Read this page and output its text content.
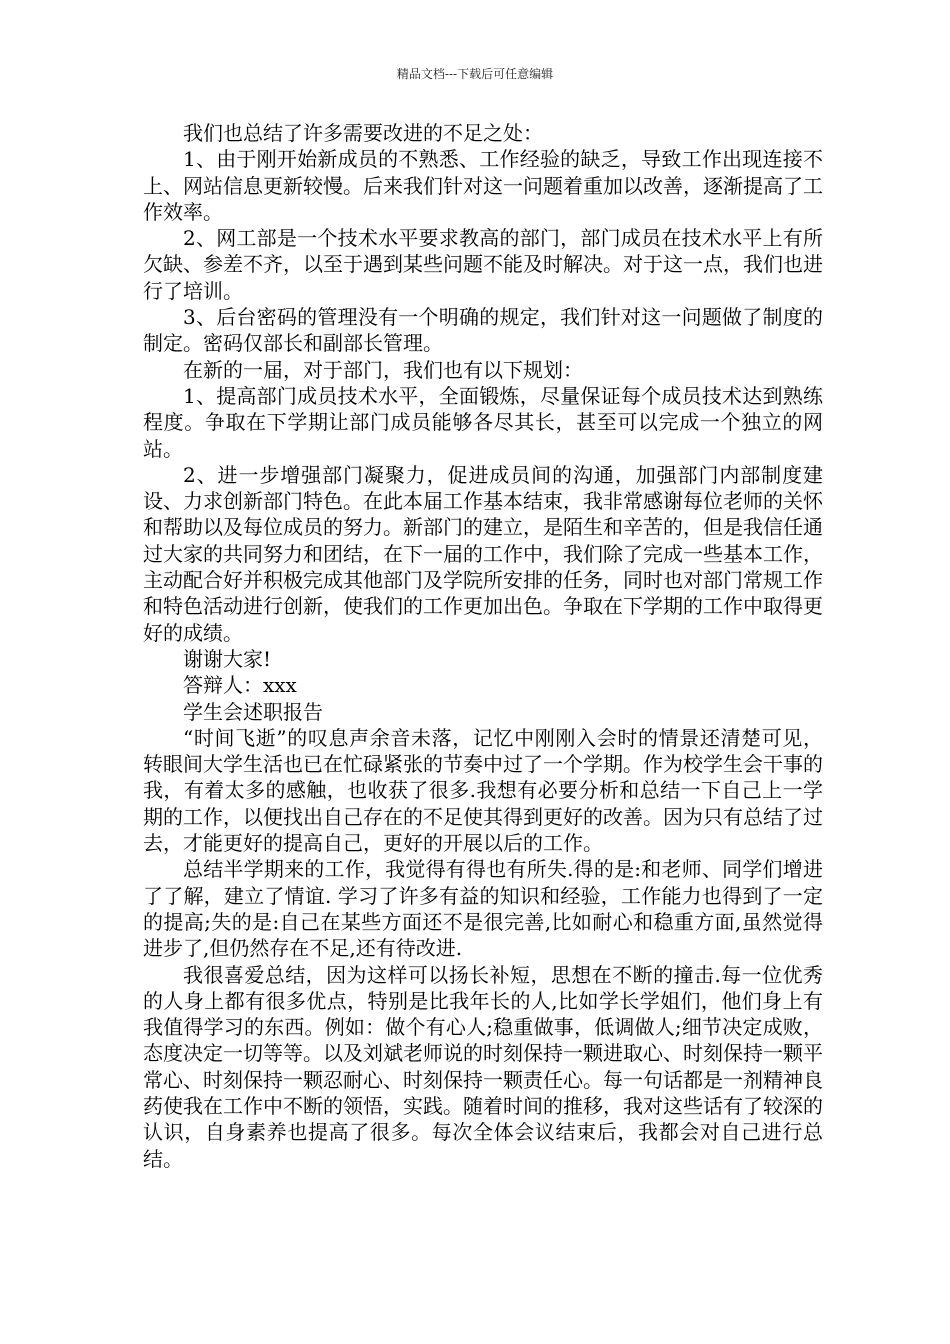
精品文档---下载后可任意编辑

我们也总结了许多需要改进的不足之处：

1、由于刚开始新成员的不熟悉、工作经验的缺乏，导致工作出现连接不上、网站信息更新较慢。后来我们针对这一问题着重加以改善，逐渐提高了工作效率。

2、网工部是一个技术水平要求教高的部门，部门成员在技术水平上有所欠缺、参差不齐，以至于遇到某些问题不能及时解决。对于这一点，我们也进行了培训。

3、后台密码的管理没有一个明确的规定，我们针对这一问题做了制度的制定。密码仅部长和副部长管理。

在新的一届，对于部门，我们也有以下规划：

1、提高部门成员技术水平，全面锻炼，尽量保证每个成员技术达到熟练程度。争取在下学期让部门成员能够各尽其长，甚至可以完成一个独立的网站。

2、进一步增强部门凝聚力，促进成员间的沟通，加强部门内部制度建设、力求创新部门特色。在此本届工作基本结束，我非常感谢每位老师的关怀和帮助以及每位成员的努力。新部门的建立，是陌生和辛苦的，但是我信任通过大家的共同努力和团结，在下一届的工作中，我们除了完成一些基本工作，主动配合好并积极完成其他部门及学院所安排的任务，同时也对部门常规工作和特色活动进行创新，使我们的工作更加出色。争取在下学期的工作中取得更好的成绩。

谢谢大家!

答辩人：xxx

学生会述职报告

“时间飞逝”的叹息声余音未落，记忆中刚刚入会时的情景还清楚可见，转眼间大学生活也已在忙碌紧张的节奏中过了一个学期。作为校学生会干事的我，有着太多的感触，也收获了很多.我想有必要分析和总结一下自己上一学期的工作，以便找出自己存在的不足使其得到更好的改善。因为只有总结了过去，才能更好的提高自己，更好的开展以后的工作。

总结半学期来的工作，我觉得有得也有所失.得的是:和老师、同学们增进了了解，建立了情谊. 学习了许多有益的知识和经验，工作能力也得到了一定的提高;失的是:自己在某些方面还不是很完善,比如耐心和稳重方面,虽然觉得进步了,但仍然存在不足,还有待改进.

我很喜爱总结，因为这样可以扬长补短，思想在不断的撞击.每一位优秀的人身上都有很多优点，特别是比我年长的人,比如学长学姐们，他们身上有我值得学习的东西。例如：做个有心人;稳重做事，低调做人;细节决定成败，态度决定一切等等。以及刘斌老师说的时刻保持一颗进取心、时刻保持一颗平常心、时刻保持一颗忍耐心、时刻保持一颗责任心。每一句话都是一剂精神良药使我在工作中不断的领悟，实践。随着时间的推移，我对这些话有了较深的认识，自身素养也提高了很多。每次全体会议结束后，我都会对自己进行总结。
